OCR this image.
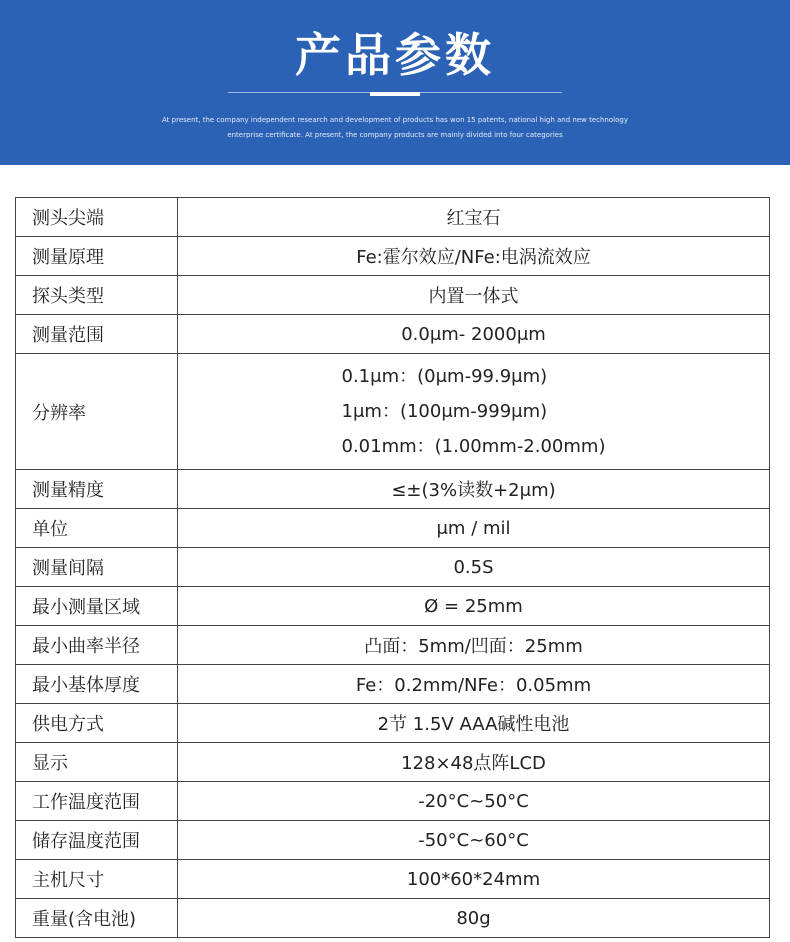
产品参数
At present, the company independent research and development of products has won 15 patents, national high and new technology
enterprise certificate. At present, the company products are mainly divided into four categories
测头尖端	红宝石
测量原理	Fe:霍尔效应/NFe:电涡流效应
探头类型	内置一体式
测量范围	0.0μm- 2000μm
分辨率	0.1μm：(0μm-99.9μm)
1μm：(100μm-999μm)
0.01mm：(1.00mm-2.00mm)

测量精度	≤±(3%读数+2μm)
单位	μm / mil
测量间隔	0.5S
最小测量区域	Ø = 25mm
最小曲率半径	凸面：5mm/凹面：25mm
最小基体厚度	Fe：0.2mm/NFe：0.05mm
供电方式	2节 1.5V AAA碱性电池
显示	128×48点阵LCD
工作温度范围	-20°C~50°C
储存温度范围	-50°C~60°C
主机尺寸	100*60*24mm
重量(含电池)	80g
